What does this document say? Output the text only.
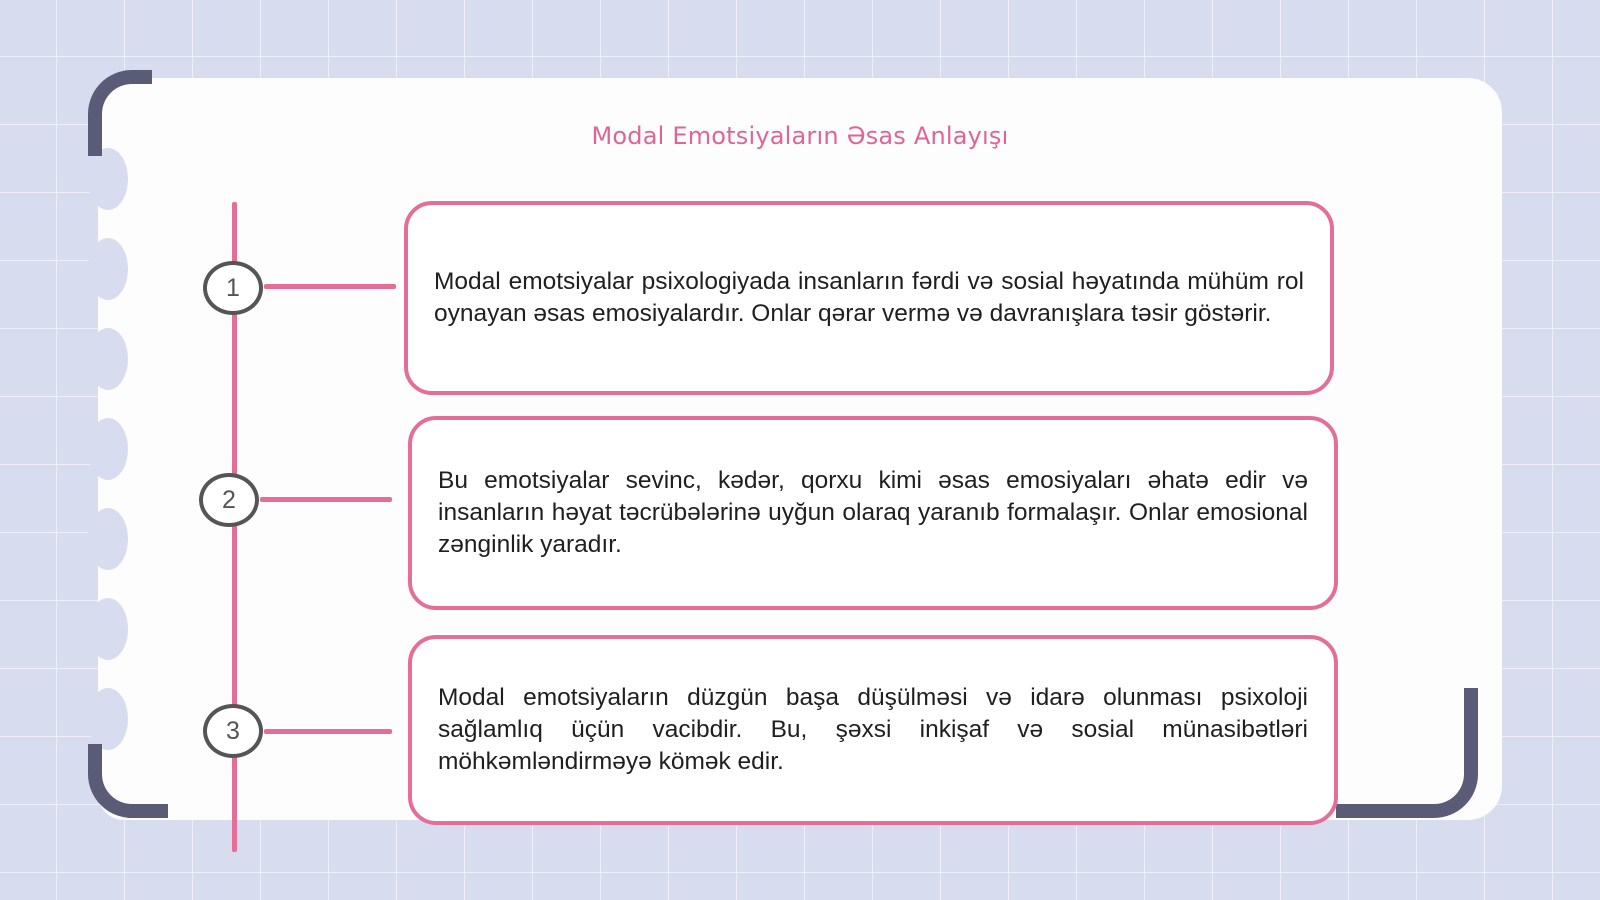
Modal Emotsiyaların Əsas Anlayışı
1
2
3

Modal emotsiyalar psixologiyada insanların fərdi və sosial həyatında mühüm rol oynayan əsas emosiyalardır. Onlar qərar vermə və davranışlara təsir göstərir.

Bu emotsiyalar sevinc, kədər, qorxu kimi əsas emosiyaları əhatə edir və insanların həyat təcrübələrinə uyğun olaraq yaranıb formalaşır. Onlar emosional zənginlik yaradır.

Modal emotsiyaların düzgün başa düşülməsi və idarə olunması psixoloji sağlamlıq üçün vacibdir. Bu, şəxsi inkişaf və sosial münasibətləri möhkəmləndirməyə kömək edir.
